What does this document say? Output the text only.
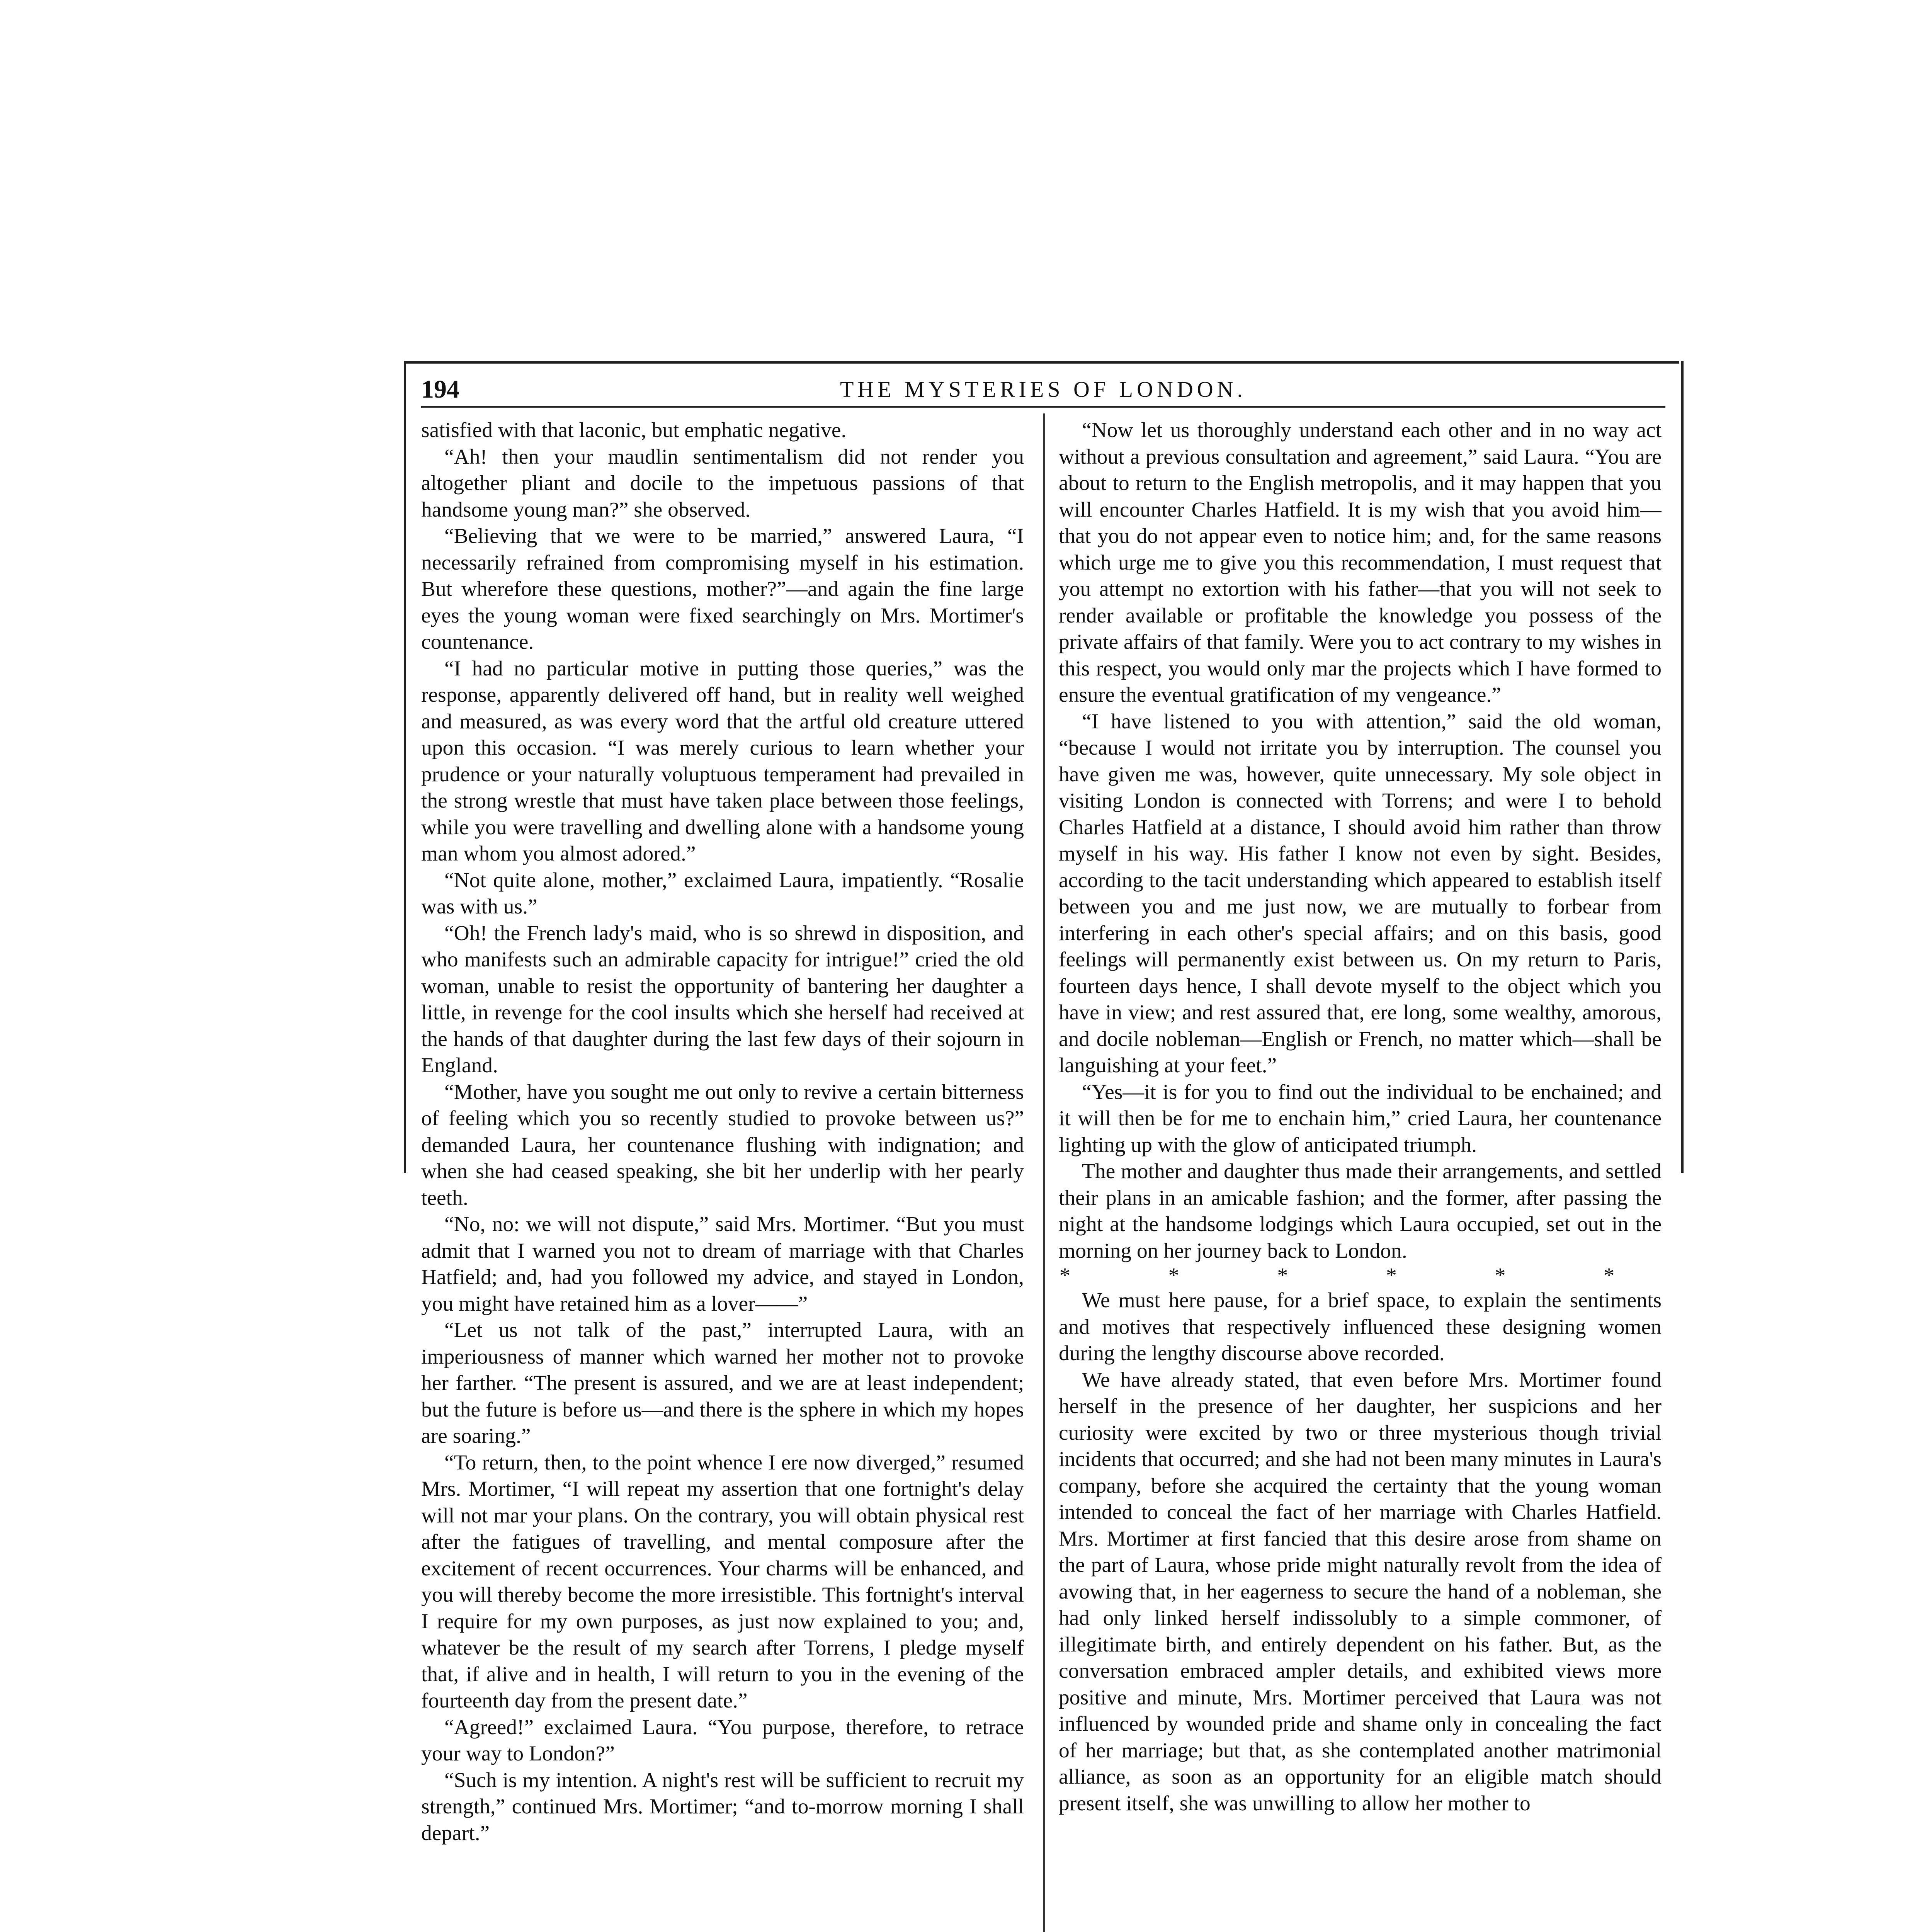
194	THE MYSTERIES OF LONDON.

satisfied with that laconic, but emphatic negative.

“Ah! then your maudlin sentimentalism did not render you altogether pliant and docile to the impetuous passions of that handsome young man?” she observed.

“Believing that we were to be married,” answered Laura, “I necessarily refrained from compromising myself in his estimation. But wherefore these questions, mother?”—and again the fine large eyes the young woman were fixed searchingly on Mrs. Mortimer's countenance.

“I had no particular motive in putting those queries,” was the response, apparently delivered off hand, but in reality well weighed and measured, as was every word that the artful old creature uttered upon this occasion. “I was merely curious to learn whether your prudence or your naturally voluptuous temperament had prevailed in the strong wrestle that must have taken place between those feelings, while you were travelling and dwelling alone with a handsome young man whom you almost adored.”

“Not quite alone, mother,” exclaimed Laura, impatiently. “Rosalie was with us.”

“Oh! the French lady's maid, who is so shrewd in disposition, and who manifests such an admirable capacity for intrigue!” cried the old woman, unable to resist the opportunity of bantering her daughter a little, in revenge for the cool insults which she herself had received at the hands of that daughter during the last few days of their sojourn in England.

“Mother, have you sought me out only to revive a certain bitterness of feeling which you so recently studied to provoke between us?” demanded Laura, her countenance flushing with indignation; and when she had ceased speaking, she bit her underlip with her pearly teeth.

“No, no: we will not dispute,” said Mrs. Mortimer. “But you must admit that I warned you not to dream of marriage with that Charles Hatfield; and, had you followed my advice, and stayed in London, you might have retained him as a lover——”

“Let us not talk of the past,” interrupted Laura, with an imperiousness of manner which warned her mother not to provoke her farther. “The present is assured, and we are at least independent; but the future is before us—and there is the sphere in which my hopes are soaring.”

“To return, then, to the point whence I ere now diverged,” resumed Mrs. Mortimer, “I will repeat my assertion that one fortnight's delay will not mar your plans. On the contrary, you will obtain physical rest after the fatigues of travelling, and mental composure after the excitement of recent occurrences. Your charms will be enhanced, and you will thereby become the more irresistible. This fortnight's interval I require for my own purposes, as just now explained to you; and, whatever be the result of my search after Torrens, I pledge myself that, if alive and in health, I will return to you in the evening of the fourteenth day from the present date.”

“Agreed!” exclaimed Laura. “You purpose, therefore, to retrace your way to London?”

“Such is my intention. A night's rest will be sufficient to recruit my strength,” continued Mrs. Mortimer; “and to-morrow morning I shall depart.”

“Now let us thoroughly understand each other and in no way act without a previous consultation and agreement,” said Laura. “You are about to return to the English metropolis, and it may happen that you will encounter Charles Hatfield. It is my wish that you avoid him—that you do not appear even to notice him; and, for the same reasons which urge me to give you this recommendation, I must request that you attempt no extortion with his father—that you will not seek to render available or profitable the knowledge you possess of the private affairs of that family. Were you to act contrary to my wishes in this respect, you would only mar the projects which I have formed to ensure the eventual gratification of my vengeance.”

“I have listened to you with attention,” said the old woman, “because I would not irritate you by interruption. The counsel you have given me was, however, quite unnecessary. My sole object in visiting London is connected with Torrens; and were I to behold Charles Hatfield at a distance, I should avoid him rather than throw myself in his way. His father I know not even by sight. Besides, according to the tacit understanding which appeared to establish itself between you and me just now, we are mutually to forbear from interfering in each other's special affairs; and on this basis, good feelings will permanently exist between us. On my return to Paris, fourteen days hence, I shall devote myself to the object which you have in view; and rest assured that, ere long, some wealthy, amorous, and docile nobleman—English or French, no matter which—shall be languishing at your feet.”

“Yes—it is for you to find out the individual to be enchained; and it will then be for me to enchain him,” cried Laura, her countenance lighting up with the glow of anticipated triumph.

The mother and daughter thus made their arrangements, and settled their plans in an amicable fashion; and the former, after passing the night at the handsome lodgings which Laura occupied, set out in the morning on her journey back to London.

* * * * * *

We must here pause, for a brief space, to explain the sentiments and motives that respectively influenced these designing women during the lengthy discourse above recorded.

We have already stated, that even before Mrs. Mortimer found herself in the presence of her daughter, her suspicions and her curiosity were excited by two or three mysterious though trivial incidents that occurred; and she had not been many minutes in Laura's company, before she acquired the certainty that the young woman intended to conceal the fact of her marriage with Charles Hatfield. Mrs. Mortimer at first fancied that this desire arose from shame on the part of Laura, whose pride might naturally revolt from the idea of avowing that, in her eagerness to secure the hand of a nobleman, she had only linked herself indissolubly to a simple commoner, of illegitimate birth, and entirely dependent on his father. But, as the conversation embraced ampler details, and exhibited views more positive and minute, Mrs. Mortimer perceived that Laura was not influenced by wounded pride and shame only in concealing the fact of her marriage; but that, as she contemplated another matrimonial alliance, as soon as an opportunity for an eligible match should present itself, she was unwilling to allow her mother to
